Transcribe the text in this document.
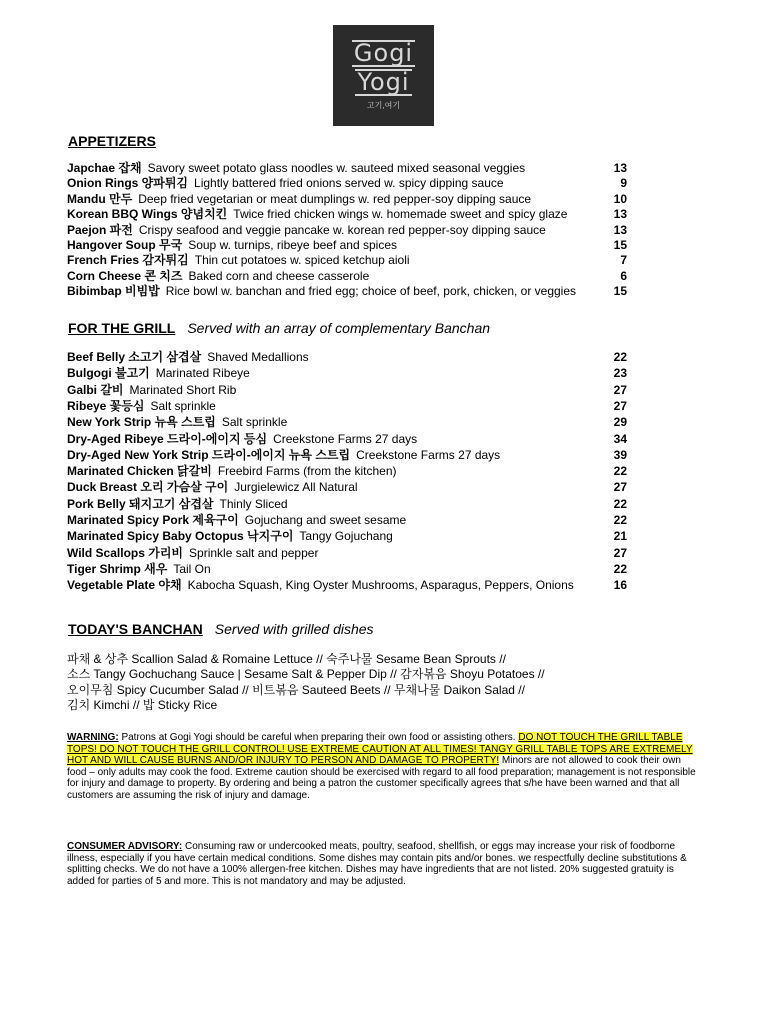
Gogi
Yogi
고기,여기
APPETIZERS
Japchae 잡채 Savory sweet potato glass noodles w. sauteed mixed seasonal veggies	13
Onion Rings 양파튀김 Lightly battered fried onions served w. spicy dipping sauce	9
Mandu 만두 Deep fried vegetarian or meat dumplings w. red pepper-soy dipping sauce	10
Korean BBQ Wings 양념치킨 Twice fried chicken wings w. homemade sweet and spicy glaze	13
Paejon 파전 Crispy seafood and veggie pancake w. korean red pepper-soy dipping sauce	13
Hangover Soup 무국 Soup w. turnips, ribeye beef and spices	15
French Fries 감자튀김 Thin cut potatoes w. spiced ketchup aioli	7
Corn Cheese 콘 치즈 Baked corn and cheese casserole	6
Bibimbap 비빔밥 Rice bowl w. banchan and fried egg; choice of beef, pork, chicken, or veggies	15
FOR THE GRILL Served with an array of complementary Banchan
Beef Belly 소고기 삼겹살 Shaved Medallions	22
Bulgogi 불고기 Marinated Ribeye	23
Galbi 갈비 Marinated Short Rib	27
Ribeye 꽃등심 Salt sprinkle	27
New York Strip 뉴욕 스트립 Salt sprinkle	29
Dry-Aged Ribeye 드라이-에이지 등심 Creekstone Farms 27 days	34
Dry-Aged New York Strip 드라이-에이지 뉴욕 스트립 Creekstone Farms 27 days	39
Marinated Chicken 닭갈비 Freebird Farms (from the kitchen)	22
Duck Breast 오리 가슴살 구이 Jurgielewicz All Natural	27
Pork Belly 돼지고기 삼겹살 Thinly Sliced	22
Marinated Spicy Pork 제육구이 Gojuchang and sweet sesame	22
Marinated Spicy Baby Octopus 낙지구이 Tangy Gojuchang	21
Wild Scallops 가리비 Sprinkle salt and pepper	27
Tiger Shrimp 새우 Tail On	22
Vegetable Plate 야채 Kabocha Squash, King Oyster Mushrooms, Asparagus, Peppers, Onions	16
TODAY'S BANCHAN Served with grilled dishes
파채 & 상추 Scallion Salad & Romaine Lettuce // 숙주나물 Sesame Bean Sprouts //
소스 Tangy Gochuchang Sauce | Sesame Salt & Pepper Dip // 감자볶음 Shoyu Potatoes //
오이무침 Spicy Cucumber Salad // 비트볶음 Sauteed Beets // 무채나물 Daikon Salad //
김치 Kimchi // 밥 Sticky Rice
WARNING: Patrons at Gogi Yogi should be careful when preparing their own food or assisting others. DO NOT TOUCH THE GRILL TABLE TOPS! DO NOT TOUCH THE GRILL CONTROL! USE EXTREME CAUTION AT ALL TIMES! TANGY GRILL TABLE TOPS ARE EXTREMELY HOT AND WILL CAUSE BURNS AND/OR INJURY TO PERSON AND DAMAGE TO PROPERTY! Minors are not allowed to cook their own food – only adults may cook the food. Extreme caution should be exercised with regard to all food preparation; management is not responsible for injury and damage to property. By ordering and being a patron the customer specifically agrees that s/he have been warned and that all customers are assuming the risk of injury and damage.
CONSUMER ADVISORY: Consuming raw or undercooked meats, poultry, seafood, shellfish, or eggs may increase your risk of foodborne illness, especially if you have certain medical conditions. Some dishes may contain pits and/or bones. we respectfully decline substitutions & splitting checks. We do not have a 100% allergen-free kitchen. Dishes may have ingredients that are not listed. 20% suggested gratuity is added for parties of 5 and more. This is not mandatory and may be adjusted.
